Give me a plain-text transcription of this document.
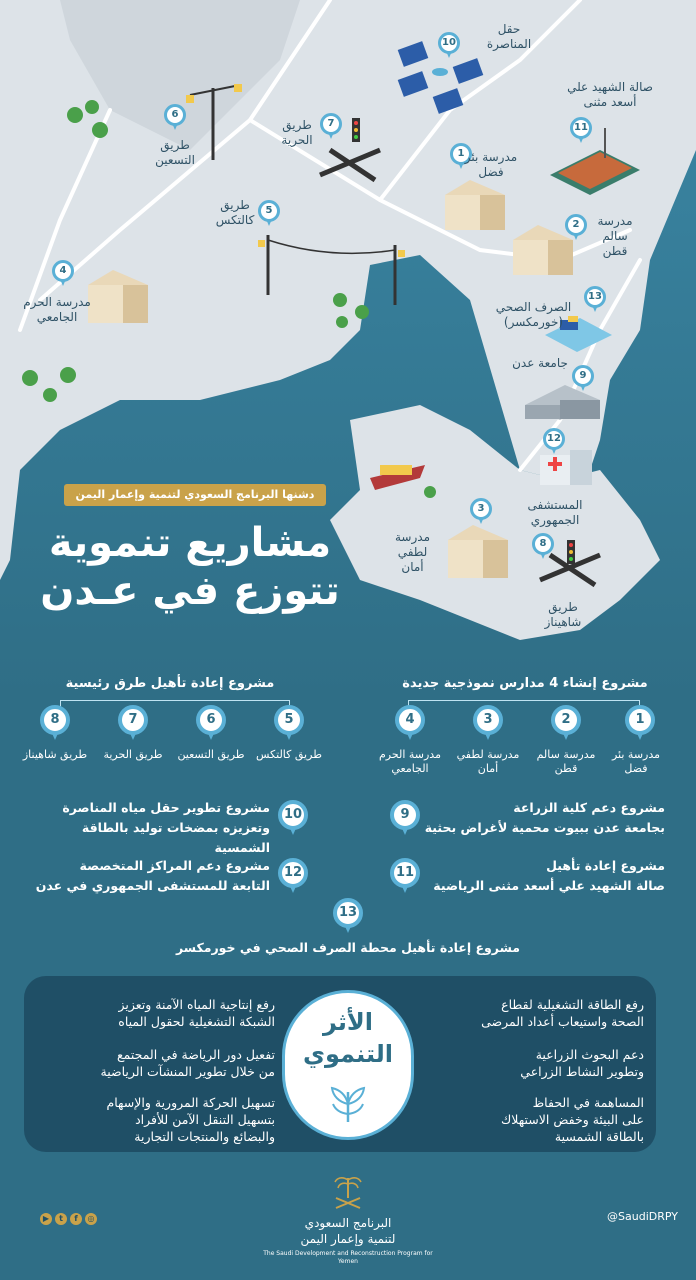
1 مدرسة بئر فضل
2	مدرسة سالم قطن
3
مدرسة لطفي أمان
4
مدرسة الحرم الجامعي
5
طريق كالتكس
6
طريق التسعين
7
طريق الحرية
8
طريق شاهيناز
9
جامعة عدن
10
حقل المناصرة
11
صالة الشهيد علي أسعد مثنى
12
المستشفى الجمهوري
13
الصرف الصحي (خورمكسر)
دشنها البرنامج السعودي لتنمية وإعمار اليمن
مشاريع تنموية
تتوزع في عـدن
مشروع إعادة تأهيل طرق رئيسية
8
طريق شاهيناز
7
طريق الحرية
6
طريق التسعين
5
طريق كالتكس
مشروع إنشاء 4 مدارس نموذجية جديدة
4
مدرسة الحرم الجامعي
3
مدرسة لطفي أمان
2
مدرسة سالم قطن
1
مدرسة بئر فضل
10
مشروع تطوير حقل مياه المناصرة
وتعزيزه بمضخات توليد بالطاقة الشمسية
9	مشروع دعم كلية الزراعة
بجامعة عدن ببيوت محمية لأغراض بحثية
12
مشروع دعم المراكز المتخصصة
التابعة للمستشفى الجمهوري في عدن
11	مشروع إعادة تأهيل
صالة الشهيد علي أسعد مثنى الرياضية
13
مشروع إعادة تأهيل محطة الصرف الصحي في خورمكسر
رفع إنتاجية المياه الآمنة وتعزيز
الشبكة التشغيلية لحقول المياه
تفعيل دور الرياضة في المجتمع
من خلال تطوير المنشآت الرياضية
تسهيل الحركة المرورية والإسهام
بتسهيل التنقل الآمن للأفراد
والبضائع والمنتجات التجارية
الأثر
التنموي
رفع الطاقة التشغيلية لقطاع
الصحة واستيعاب أعداد المرضى
دعم البحوث الزراعية
وتطوير النشاط الزراعي
المساهمة في الحفاظ
على البيئة وخفض الاستهلاك
بالطاقة الشمسية
البرنامج السعودي
لتنمية وإعمار اليمن
The Saudi Development and Reconstruction Program for Yemen
@SaudiDRPY
▶	t	f	◎
